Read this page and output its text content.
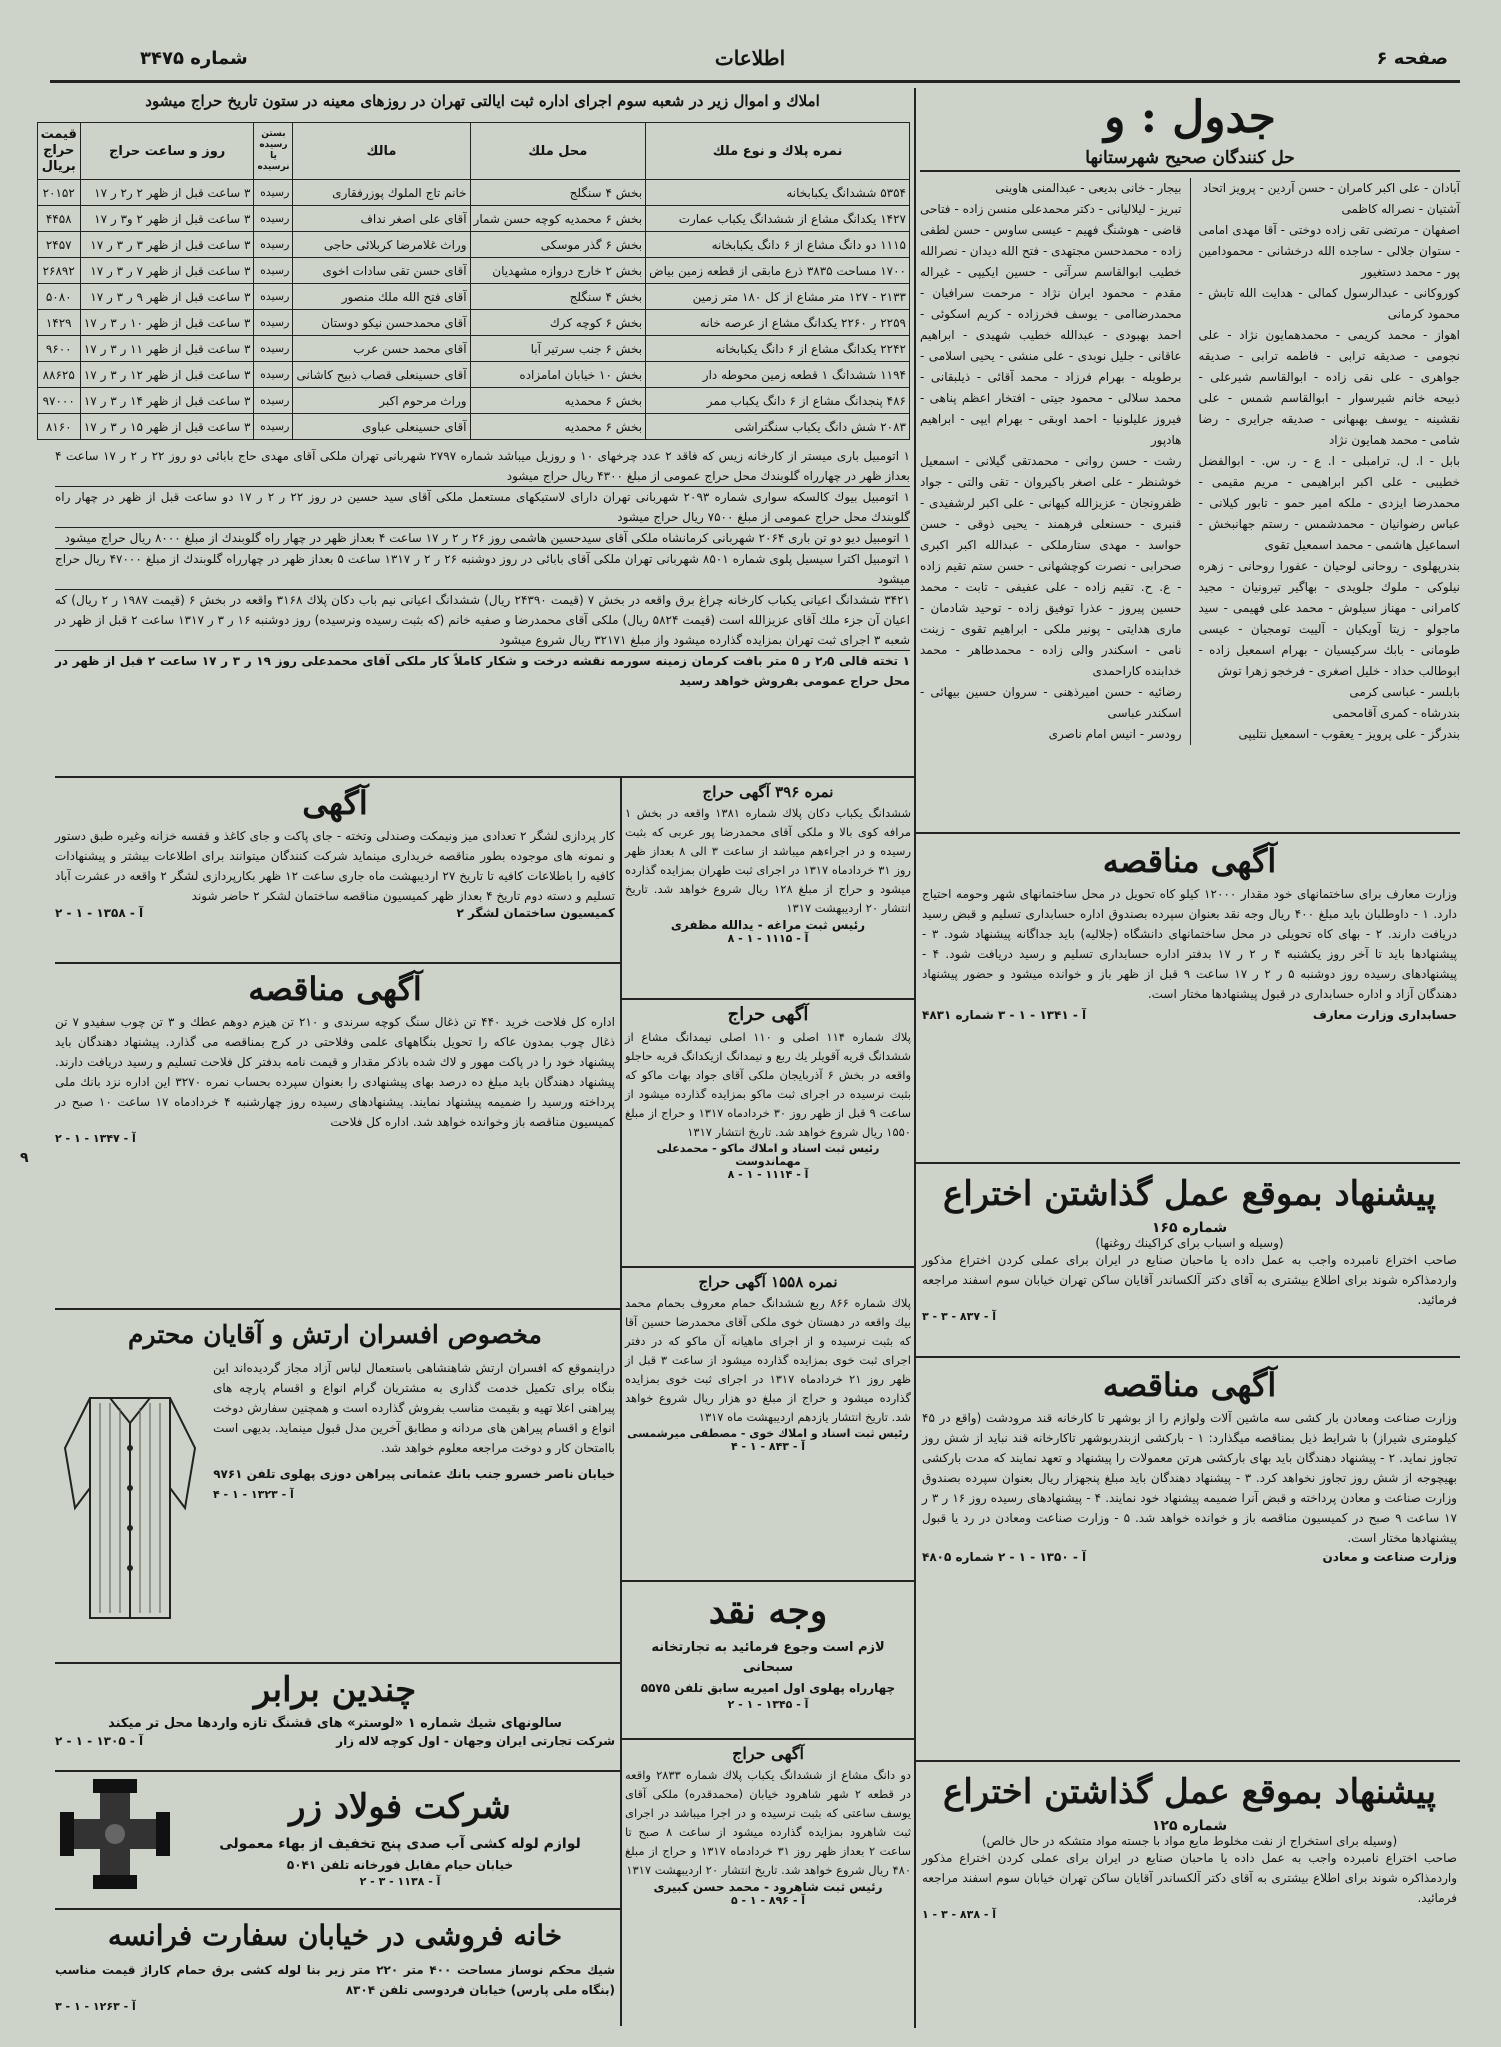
صفحه ۶
اطلاعات
شماره ۳۴۷۵
املاك و اموال زير در شعبه سوم اجراى اداره ثبت ايالتى تهران در روزهاى معينه در ستون تاريخ حراج ميشود
نمره پلاك و نوع ملك	محل ملك	مالك	بستن رسيده يا نرسيده	روز و ساعت حراج	قيمت حراج بريال
۵۳۵۴ ششدانگ يكبابخانه	بخش ۴ سنگلج	خانم تاج الملوك پوزرفقارى	رسيده	۳ ساعت قبل از ظهر ۲ ر۲ ر ۱۷	۲۰۱۵۲
۱۴۲۷ يكدانگ مشاع از ششدانگ يكباب عمارت	بخش ۶ محمديه كوچه حسن شمار	آقاى على اصغر نداف	رسيده	۳ ساعت قبل از ظهر ۲ و۳ ر ۱۷	۴۴۵۸
۱۱۱۵ دو دانگ مشاع از ۶ دانگ يكبابخانه	بخش ۶ گذر موسكى	وراث غلامرضا كربلائى حاجى	رسيده	۳ ساعت قبل از ظهر ۳ ر ۳ ر ۱۷	۲۴۵۷
۱۷۰۰ مساحت ۳۸۳۵ ذرع مابقى از قطعه زمين بياض	بخش ۲ خارج دروازه مشهديان	آقاى حسن تقى سادات اخوى	رسيده	۳ ساعت قبل از ظهر ۷ ر ۳ ر ۱۷	۲۶۸۹۲
۲۱۳۳ - ۱۲۷ متر مشاع از كل ۱۸۰ متر زمين	بخش ۴ سنگلج	آقاى فتح الله ملك منصور	رسيده	۳ ساعت قبل از ظهر ۹ ر ۳ ر ۱۷	۵۰۸۰
۲۲۵۹ ر ۲۲۶۰ يكدانگ مشاع از عرصه خانه	بخش ۶ كوچه كرك	آقاى محمدحسن نيكو دوستان	رسيده	۳ ساعت قبل از ظهر ۱۰ ر ۳ ر ۱۷	۱۴۲۹
۲۲۴۲ يكدانگ مشاع از ۶ دانگ يكبابخانه	بخش ۶ جنب سرتير آبا	آقاى محمد حسن عرب	رسيده	۳ ساعت قبل از ظهر ۱۱ ر ۳ ر ۱۷	۹۶۰۰
۱۱۹۴ ششدانگ ۱ قطعه زمين محوطه دار	بخش ۱۰ خيابان امامزاده	آقاى حسينعلى قصاب ذبيح كاشانى	رسيده	۳ ساعت قبل از ظهر ۱۲ ر ۳ ر ۱۷	۸۸۶۲۵
۴۸۶ پنجدانگ مشاع از ۶ دانگ يكباب ممر	بخش ۶ محمديه	وراث مرحوم اكبر	رسيده	۳ ساعت قبل از ظهر ۱۴ ر ۳ ر ۱۷	۹۷۰۰۰
۲۰۸۳ شش دانگ يكباب سنگتراشى	بخش ۶ محمديه	آقاى حسينعلى عباوى	رسيده	۳ ساعت قبل از ظهر ۱۵ ر ۳ ر ۱۷	۸۱۶۰

۱ اتومبيل بارى ميستر از كارخانه زيس كه فاقد ۲ عدد چرخهاى ۱۰ و روزيل ميباشد شماره ۲۷۹۷ شهربانى تهران ملكى آقاى مهدى حاج بابائى دو روز ۲۲ ر ۲ ر ۱۷ ساعت ۴ بعداز ظهر در چهارراه گلوبندك محل حراج عمومى از مبلغ ۴۳۰۰ ريال حراج ميشود

۱ اتومبيل بيوك كالسكه سوارى شماره ۲۰۹۳ شهربانى تهران داراى لاستيكهاى مستعمل ملكى آقاى سيد حسين در روز ۲۲ ر ۲ ر ۱۷ دو ساعت قبل از ظهر در چهار راه گلوبندك محل حراج عمومى از مبلغ ۷۵۰۰ ريال حراج ميشود

۱ اتومبيل ديو دو تن بارى ۲۰۶۴ شهربانى كرمانشاه ملكى آقاى سيدحسين هاشمى روز ۲۶ ر ۲ ر ۱۷ ساعت ۴ بعداز ظهر در چهار راه گلوبندك از مبلغ ۸۰۰۰ ريال حراج ميشود

۱ اتومبيل اكترا سيسيل پلوى شماره ۸۵۰۱ شهربانى تهران ملكى آقاى بابائى در روز دوشنبه ۲۶ ر ۲ ر ۱۳۱۷ ساعت ۵ بعداز ظهر در چهارراه گلوبندك از مبلغ ۴۷۰۰۰ ريال حراج ميشود

۳۴۲۱ ششدانگ اعيانى يكباب كارخانه چراغ برق واقعه در بخش ۷ (قيمت ۲۴۳۹۰ ريال) ششدانگ اعيانى نيم باب دكان پلاك ۳۱۶۸ واقعه در بخش ۶ (قيمت ۱۹۸۷ ر ۲ ريال) كه اعيان آن جزء ملك آقاى عزيزالله است (قيمت ۵۸۲۴ ريال) ملكى آقاى محمدرضا و صفيه خانم (كه بثبت رسيده ونرسيده) روز دوشنبه ۱۶ ر ۳ ر ۱۳۱۷ ساعت ۲ قبل از ظهر در شعبه ۳ اجراى ثبت تهران بمزايده گذارده ميشود واز مبلغ ۳۲۱۷۱ ريال شروع ميشود

۱ تخته قالى ۲٫۵ ر ۵ متر بافت كرمان زمينه سورمه نقشه درخت و شكار كاملاً كار ملكى آقاى محمدعلى روز ۱۹ ر ۳ ر ۱۷ ساعت ۲ قبل از ظهر در محل حراج عمومى بفروش خواهد رسيد

جدول : و
حل كنندگان صحيح شهرستانها

آبادان - على اكبر كامران - حسن آردين - پرويز اتحاد

آشتيان - نصراله كاظمى

اصفهان - مرتضى تقى زاده دوختى - آقا مهدى امامى - ستوان جلالى - ساجده الله درخشانى - محمودامين پور - محمد دستغيور

كوروكانى - عبدالرسول كمالى - هدايت الله تابش - محمود كرمانى

اهواز - محمد كريمى - محمدهمايون نژاد - على نجومى - صديقه ترابى - فاطمه ترابى - صديقه جواهرى - على نقى زاده - ابوالقاسم شيرعلى - ذبيحه خانم شيرسوار - ابوالقاسم شمس - على نقشينه - يوسف بهبهانى - صديقه جرايرى - رضا شامى - محمد همايون نژاد

بابل - ا. ل. ترامبلى - ا. ع - ر. س. - ابوالفضل خطيبى - على اكبر ابراهيمى - مريم مقيمى - محمدرضا ايزدى - ملكه امير حمو - تابور كيلانى - عباس رضوانيان - محمدشمس - رستم جهانبخش - اسماعيل هاشمى - محمد اسمعيل تقوى

بندرپهلوى - روحانى لوحيان - عفورا روحانى - زهره نيلوكى - ملوك جلويدى - بهاگير تيرونيان - مجيد كامرانى - مهناز سيلوش - محمد على فهيمى - سيد ماجولو - زيتا آويكيان - آلييت تومجيان - عيسى طومانى - بابك سركيسيان - بهرام اسمعيل زاده - ابوطالب حداد - خليل اصغرى - فرخجو زهرا توش

بابلسر - عباسى كرمى

بندرشاه - كمرى آقامحمى

بندرگز - على پرويز - يعقوب - اسمعيل نتليپى

بيجار - خانى بديعى - عبدالمنى هاوينى

تبريز - ليلاليانى - دكتر محمدعلى منسن زاده - فتاحى قاضى - هوشنگ فهيم - عيسى ساوس - حسن لطفى زاده - محمدحسن مجتهدى - فتح الله ديدان - نصرالله خطيب ابوالقاسم سرآتى - حسين ايكيپى - غيراله مقدم - محمود ايران نژاد - مرحمت سرافيان - محمدرضاامى - يوسف فخرزاده - كريم اسكوئى - احمد بهبودى - عبدالله خطيب شهيدى - ابراهيم عاقانى - جليل نوبدى - على منشى - يحيى اسلامى - برطويله - بهرام فرزاد - محمد آقائى - ذيلبقانى - محمد سلالى - محمود جيتى - افتخار اعظم پناهى - فيروز عليلونيا - احمد اوبقى - بهرام ايپى - ابراهيم هادپور

رشت - حسن روانى - محمدتقى گيلانى - اسمعيل خوشنظر - على اصغر باكيروان - تقى والتى - جواد ظفرونجان - عزيزالله كيهانى - على اكبر لرشفيدى - قنبرى - حسنعلى فرهمند - يحيى ذوقى - حسن حواسد - مهدى ستارملكى - عبدالله اكبر اكبرى صحرابى - نصرت كوچشهانى - حسن ستم تقيم زاده - ع. ح. تقيم زاده - على عفيفى - تابت - محمد حسين پيروز - عذرا توفيق زاده - توحيد شادمان - مارى هدايتى - پونير ملكى - ابراهيم تقوى - زينت نامى - اسكندر والى زاده - محمدطاهر - محمد خدابنده كاراحمدى

رضائيه - حسن اميرذهنى - سروان حسين بيهائى - اسكندر عباسى

رودسر - انيس امام ناصرى

آگهى مناقصه
وزارت معارف براى ساختمانهاى خود مقدار ۱۲۰۰۰ كيلو كاه تحويل در محل ساختمانهاى شهر وحومه احتياج دارد. ۱ - داوطلبان بايد مبلغ ۴۰۰ ريال وجه نقد بعنوان سپرده بصندوق اداره حسابدارى تسليم و قبض رسيد دريافت دارند. ۲ - بهاى كاه تحويلى در محل ساختمانهاى دانشگاه (جلاليه) بايد جداگانه پيشنهاد شود. ۳ - پيشنهادها بايد تا آخر روز يكشنبه ۴ ر ۲ ر ۱۷ بدفتر اداره حسابدارى تسليم و رسيد دريافت شود. ۴ - پيشنهادهاى رسيده روز دوشنبه ۵ ر ۲ ر ۱۷ ساعت ۹ قبل از ظهر باز و خوانده ميشود و حضور پيشنهاد دهندگان آزاد و اداره حسابدارى در قبول پيشنهادها مختار است.
حسابدارى وزارت معارف
آ - ۱۳۴۱ - ۱ - ۳ شماره ۴۸۳۱
پيشنهاد بموقع عمل گذاشتن اختراع
شماره ۱۶۵
(وسيله و اسباب براى كراكينك روغنها)
صاحب اختراع نامبرده واجب به عمل داده يا ماحبان صنايع در ايران براى عملى كردن اختراع مذكور واردمذاكره شوند براى اطلاع بيشترى به آقاى دكتر آلكساندر آقايان ساكن تهران خيابان سوم اسفند مراجعه فرمائيد.
آ - ۸۳۷ - ۳ - ۳
آگهى مناقصه
وزارت صناعت ومعادن بار كشى سه ماشين آلات ولوازم را از بوشهر تا كارخانه قند مرودشت (واقع در ۴۵ كيلومترى شيراز) با شرايط ذيل بمناقصه ميگذارد: ۱ - باركشى ازبندربوشهر تاكارخانه قند نبايد از شش روز تجاوز نمايد. ۲ - پيشنهاد دهندگان بايد بهاى باركشى هرتن معمولات را پيشنهاد و تعهد نمايند كه مدت باركشى بهيچوجه از شش روز تجاوز نخواهد كرد. ۳ - پيشنهاد دهندگان بايد مبلغ پنجهزار ريال بعنوان سپرده بصندوق وزارت صناعت و معادن پرداخته و قبض آنرا ضميمه پيشنهاد خود نمايند. ۴ - پيشنهادهاى رسيده روز ۱۶ ر ۳ ر ۱۷ ساعت ۹ صبح در كميسيون مناقصه باز و خوانده خواهد شد. ۵ - وزارت صناعت ومعادن در رد يا قبول پيشنهادها مختار است.
وزارت صناعت و معادن
آ - ۱۳۵۰ - ۱ - ۲ شماره ۴۸۰۵
پيشنهاد بموقع عمل گذاشتن اختراع
شماره ۱۲۵
(وسيله براى استخراج از نفت مخلوط مايع مواد با جسته مواد متشكه در حال خالص)
صاحب اختراع نامبرده واجب به عمل داده يا ماحبان صنايع در ايران براى عملى كردن اختراع مذكور واردمذاكره شوند براى اطلاع بيشترى به آقاى دكتر آلكساندر آقايان ساكن تهران خيابان سوم اسفند مراجعه فرمائيد.
آ - ۸۳۸ - ۳ - ۱
نمره ۳۹۶ آگهى حراج
ششدانگ يكباب دكان پلاك شماره ۱۳۸۱ واقعه در بخش ۱ مرافه كوى بالا و ملكى آقاى محمدرضا پور عربى كه بثبت رسيده و در اجراءهم ميباشد از ساعت ۳ الى ۸ بعداز ظهر روز ۳۱ خردادماه ۱۳۱۷ در اجراى ثبت طهران بمزايده گذارده ميشود و حراج از مبلغ ۱۲۸ ريال شروع خواهد شد. تاريخ انتشار ۲۰ ارديبهشت ۱۳۱۷
رئيس ثبت مراغه - يدالله مظفرى
آ - ۱۱۱۵ - ۱ - ۸
آگهى حراج
پلاك شماره ۱۱۴ اصلى و ۱۱۰ اصلى نيمدانگ مشاع از ششدانگ قريه آقويلر يك ربع و نيمدانگ ازيكدانگ قريه حاجلو واقعه در بخش ۶ آذربايجان ملكى آقاى جواد بهات ماكو كه بثبت نرسيده در اجراى ثبت ماكو بمزايده گذارده ميشود از ساعت ۹ قبل از ظهر روز ۳۰ خردادماه ۱۳۱۷ و حراج از مبلغ ۱۵۵۰ ريال شروع خواهد شد. تاريخ انتشار ۱۳۱۷
رئيس ثبت اسناد و املاك ماكو - محمدعلى مهماندوست
آ - ۱۱۱۴ - ۱ - ۸
نمره ۱۵۵۸ آگهى حراج
پلاك شماره ۸۶۶ ربع ششدانگ حمام معروف بحمام محمد بيك واقعه در دهستان خوى ملكى آقاى محمدرضا حسين آقا كه بثبت نرسيده و از اجراى ماهيانه آن ماكو كه در دفتر اجراى ثبت خوى بمزايده گذارده ميشود از ساعت ۳ قبل از ظهر روز ۲۱ خردادماه ۱۳۱۷ در اجراى ثبت خوى بمزايده گذارده ميشود و حراج از مبلغ دو هزار ريال شروع خواهد شد. تاريخ انتشار يازدهم ارديبهشت ماه ۱۳۱۷
رئيس ثبت اسناد و املاك خوى - مصطفى ميرشمسى
آ - ۸۴۳ - ۱ - ۴
وجه نقد
لازم است وجوع فرمائيد به تجارتخانه سبحانى
چهارراه پهلوى اول اميريه سابق تلفن ۵۵۷۵
آ - ۱۳۴۵ - ۱ - ۲
آگهى حراج
دو دانگ مشاع از ششدانگ يكباب پلاك شماره ۲۸۳۳ واقعه در قطعه ۲ شهر شاهرود خيابان (محمدقدره) ملكى آقاى يوسف ساعتى كه بثبت نرسيده و در اجرا ميباشد در اجراى ثبت شاهرود بمزايده گذارده ميشود از ساعت ۸ صبح تا ساعت ۲ بعداز ظهر روز ۳۱ خردادماه ۱۳۱۷ و حراج از مبلغ ۴۸۰ ريال شروع خواهد شد. تاريخ انتشار ۲۰ ارديبهشت ۱۳۱۷
رئيس ثبت شاهرود - محمد حسن كبيرى
آ - ۸۹۶ - ۱ - ۵
آگهى
كار پردازى لشگر ۲ تعدادى ميز ونيمكت وصندلى وتخته - جاى پاكت و جاى كاغذ و قفسه خزانه وغيره طبق دستور و نمونه هاى موجوده بطور مناقصه خريدارى مينمايد شركت كنندگان ميتوانند براى اطلاعات بيشتر و پيشنهادات كافيه را باطلاعات كافيه تا تاريخ ۲۷ ارديبهشت ماه جارى ساعت ۱۲ ظهر بكارپردازى لشگر ۲ واقعه در عشرت آباد تسليم و دسته دوم تاريخ ۴ بعداز ظهر كميسيون مناقصه ساختمان لشكر ۲ حاضر شوند
كميسيون ساختمان لشگر ۲
آ - ۱۳۵۸ - ۱ - ۲
آگهى مناقصه
اداره كل فلاحت خريد ۴۴۰ تن ذغال سنگ كوچه سرندى و ۲۱۰ تن هيزم دوهم عطك و ۳ تن چوب سفيدو ۷ تن ذغال چوب بمدون عاكه را تحويل بنگاههاى علمى وفلاحتى در كرج بمناقصه مى گذارد. پيشنهاد دهندگان بايد پيشنهاد خود را در پاكت مهور و لاك شده باذكر مقدار و قيمت نامه بدفتر كل فلاحت تسليم و رسيد دريافت دارند. پيشنهاد دهندگان بايد مبلغ ده درصد بهاى پيشنهادى را بعنوان سپرده بحساب نمره ۳۲۷۰ اين اداره نزد بانك ملى پرداخته ورسيد را ضميمه پيشنهاد نمايند. پيشنهادهاى رسيده روز چهارشنبه ۴ خردادماه ۱۷ ساعت ۱۰ صبح در كميسيون مناقصه باز وخوانده خواهد شد. اداره كل فلاحت
آ - ۱۳۴۷ - ۱ - ۲
مخصوص افسران ارتش و آقايان محترم
دراينموقع كه افسران ارتش شاهنشاهى باستعمال لباس آزاد مجاز گرديده‌اند اين بنگاه براى تكميل خدمت گذارى به مشتريان گرام انواع و اقسام پارچه هاى پيراهنى اعلا تهيه و بقيمت مناسب بفروش گذارده است و همچنين سفارش دوخت انواع و اقسام پيراهن هاى مردانه و مطابق آخرين مدل قبول مينمايد. بديهى است باامتحان كار و دوخت مراجعه معلوم خواهد شد.
خيابان ناصر خسرو جنب بانك عثمانى پيراهن دوزى پهلوى تلفن ۹۷۶۱
آ - ۱۳۲۳ - ۱ - ۴
چندين برابر
سالونهاى شيك شماره ۱ «لوستر» هاى قشنگ تازه واردها محل تر ميكند
شركت تجارتى ايران وجهان - اول كوچه لاله زار
آ - ۱۳۰۵ - ۱ - ۲
شركت فولاد زر
لوازم لوله كشى آب صدى پنج تخفيف از بهاء معمولى
خيابان حيام مقابل فورخانه تلفن ۵۰۴۱
آ - ۱۱۳۸ - ۳ - ۲
خانه فروشى در خيابان سفارت فرانسه
شيك محكم نوساز مساحت ۴۰۰ متر ۲۲۰ متر زير بنا لوله كشى برق حمام كاراژ قيمت مناسب (بنگاه ملى پارس) خيابان فردوسى تلفن ۸۳۰۴
آ - ۱۲۶۳ - ۱ - ۳
۹
